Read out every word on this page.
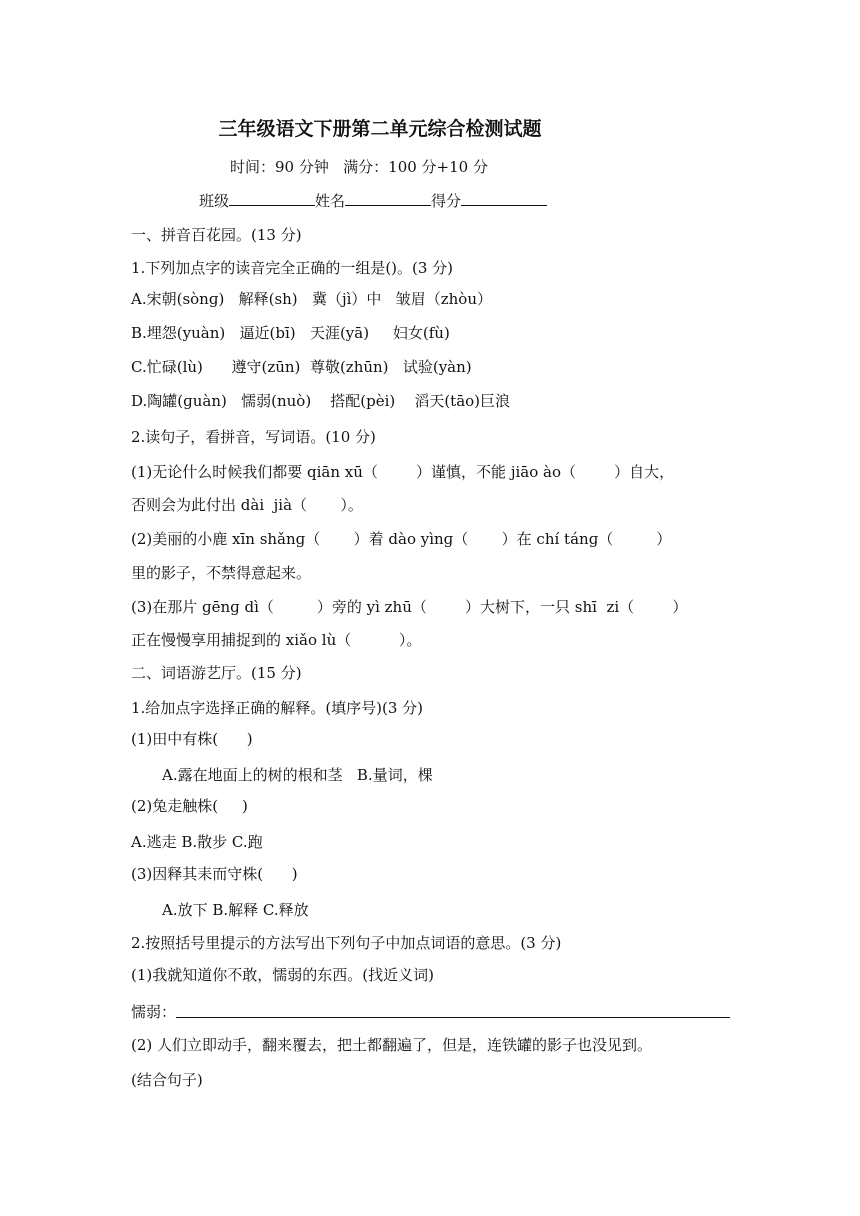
三年级语文下册第二单元综合检测试题
时间：90 分钟   满分：100 分+10 分
班级	姓名	得分
一、拼音百花园。(13 分)
1.下列加点字的读音完全正确的一组是()。(3 分)
A.宋朝(sònɡ)   解释(sh)   冀（jì）中   皱眉（zhòu）
B.埋怨(yuàn)   逼近(bī)   天涯(yā)     妇女(fù)
C.忙碌(lù)      遵守(zūn)  尊敬(zhūn)   试验(yàn)
D.陶罐(ɡuàn)   懦弱(nuò)    搭配(pèi)    滔天(tāo)巨浪
2.读句子，看拼音，写词语。(10 分)
(1)无论什么时候我们都要 qiān xū（        ）谨慎，不能 jiāo ào（        ）自大，
否则会为此付出 dài  jià（       ）。
(2)美丽的小鹿 xīn shǎnɡ（       ）着 dào yìnɡ（       ）在 chí tánɡ（         ）
里的影子，不禁得意起来。
(3)在那片 ɡēnɡ dì（         ）旁的 yì zhū（        ）大树下，一只 shī  zi（        ）
正在慢慢享用捕捉到的 xiǎo lù（          ）。
二、词语游艺厅。(15 分)
1.给加点字选择正确的解释。(填序号)(3 分)
(1)田中有株(      )
A.露在地面上的树的根和茎   B.量词，棵
(2)兔走触株(     )
A.逃走 B.散步 C.跑
(3)因释其耒而守株(      )
A.放下 B.解释 C.释放
2.按照括号里提示的方法写出下列句子中加点词语的意思。(3 分)
(1)我就知道你不敢，懦弱的东西。(找近义词)
懦弱：
(2) 人们立即动手，翻来覆去，把土都翻遍了，但是，连铁罐的影子也没见到。
(结合句子)
